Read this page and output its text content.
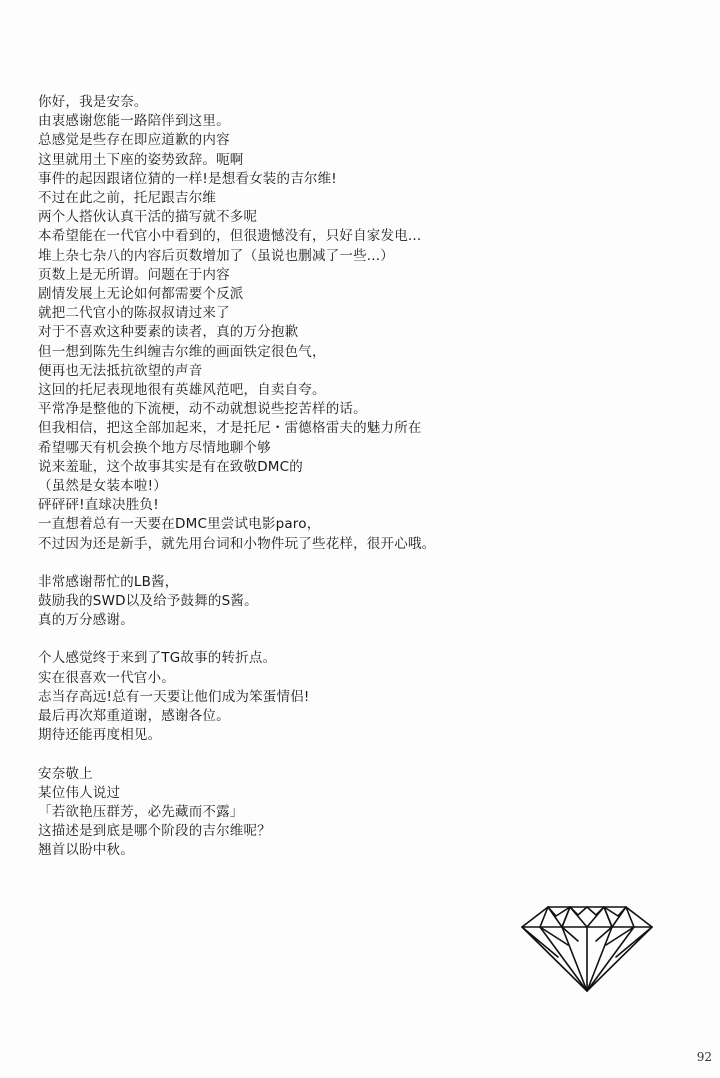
你好，我是安奈。
由衷感谢您能一路陪伴到这里。
总感觉是些存在即应道歉的内容
这里就用土下座的姿势致辞。呃啊
事件的起因跟诸位猜的一样!是想看女装的吉尔维!
不过在此之前，托尼跟吉尔维
两个人搭伙认真干活的描写就不多呢
本希望能在一代官小中看到的，但很遗憾没有，只好自家发电...
堆上杂七杂八的内容后页数增加了（虽说也删减了一些...）
页数上是无所谓。问题在于内容
剧情发展上无论如何都需要个反派
就把二代官小的陈叔叔请过来了
对于不喜欢这种要素的读者，真的万分抱歉
但一想到陈先生纠缠吉尔维的画面铁定很色气，
便再也无法抵抗欲望的声音
这回的托尼表现地很有英雄风范吧，自卖自夸。
平常净是整他的下流梗，动不动就想说些挖苦样的话。
但我相信，把这全部加起来，才是托尼・雷德格雷夫的魅力所在
希望哪天有机会换个地方尽情地聊个够
说来羞耻，这个故事其实是有在致敬DMC的
（虽然是女装本啦!）
砰砰砰!直球决胜负!
一直想着总有一天要在DMC里尝试电影paro，
不过因为还是新手，就先用台词和小物件玩了些花样，很开心哦。
非常感谢帮忙的LB酱，
鼓励我的SWD以及给予鼓舞的S酱。
真的万分感谢。
个人感觉终于来到了TG故事的转折点。
实在很喜欢一代官小。
志当存高远!总有一天要让他们成为笨蛋情侣!
最后再次郑重道谢，感谢各位。
期待还能再度相见。
安奈敬上
某位伟人说过
「若欲艳压群芳，必先藏而不露」
这描述是到底是哪个阶段的吉尔维呢？
翘首以盼中秋。
92
